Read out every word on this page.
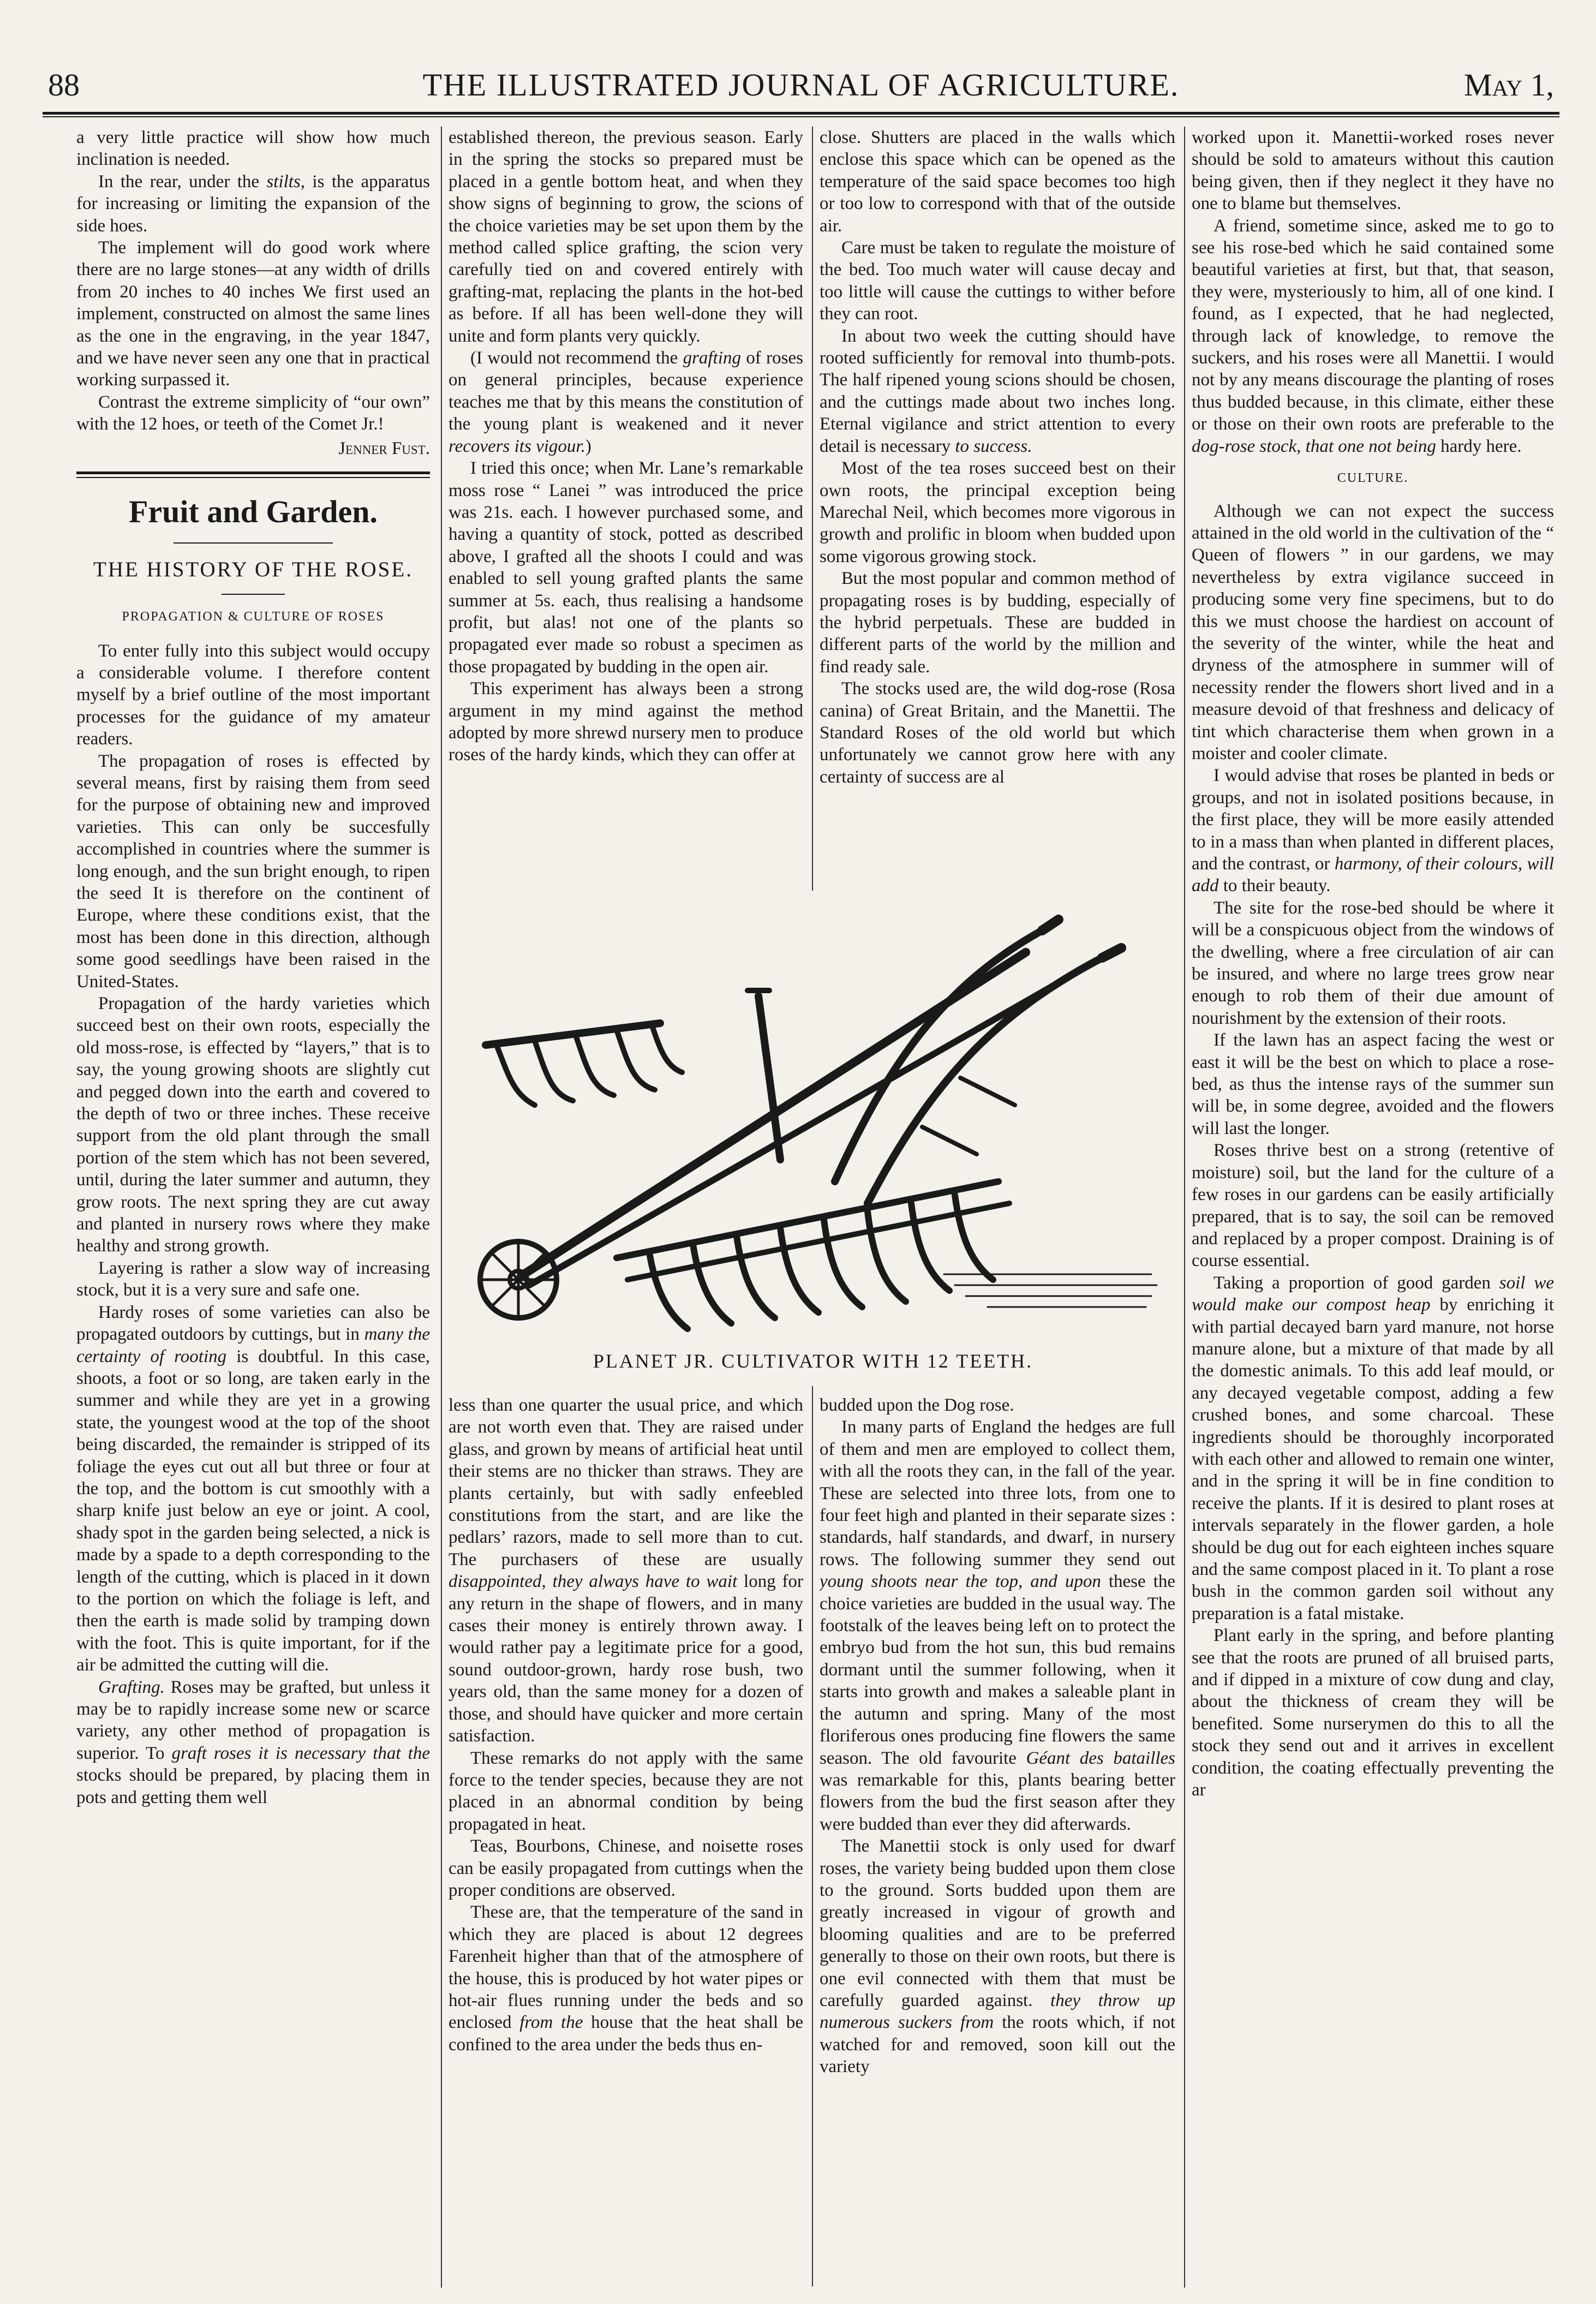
88	THE ILLUSTRATED JOURNAL OF AGRICULTURE.	May 1,

a very little practice will show how much inclination is needed.

In the rear, under the stilts, is the apparatus for increasing or limiting the expansion of the side hoes.

The implement will do good work where there are no large stones—at any width of drills from 20 inches to 40 inches We first used an implement, constructed on almost the same lines as the one in the engraving, in the year 1847, and we have never seen any one that in practical working surpassed it.

Contrast the extreme simplicity of “our own” with the 12 hoes, or teeth of the Comet Jr.!

Jenner Fust.

Fruit and Garden.
THE HISTORY OF THE ROSE.
PROPAGATION & CULTURE OF ROSES

To enter fully into this subject would occupy a considerable volume. I therefore content myself by a brief outline of the most important processes for the guidance of my amateur readers.

The propagation of roses is effected by several means, first by raising them from seed for the purpose of obtaining new and improved varieties. This can only be succesfully accomplished in countries where the summer is long enough, and the sun bright enough, to ripen the seed It is therefore on the continent of Europe, where these conditions exist, that the most has been done in this direction, although some good seedlings have been raised in the United-States.

Propagation of the hardy varieties which succeed best on their own roots, especially the old moss-rose, is effected by “layers,” that is to say, the young growing shoots are slightly cut and pegged down into the earth and covered to the depth of two or three inches. These receive support from the old plant through the small portion of the stem which has not been severed, until, during the later summer and autumn, they grow roots. The next spring they are cut away and planted in nursery rows where they make healthy and strong growth.

Layering is rather a slow way of increasing stock, but it is a very sure and safe one.

Hardy roses of some varieties can also be propagated outdoors by cuttings, but in many the certainty of rooting is doubtful. In this case, shoots, a foot or so long, are taken early in the summer and while they are yet in a growing state, the youngest wood at the top of the shoot being discarded, the remainder is stripped of its foliage the eyes cut out all but three or four at the top, and the bottom is cut smoothly with a sharp knife just below an eye or joint. A cool, shady spot in the garden being selected, a nick is made by a spade to a depth corresponding to the length of the cutting, which is placed in it down to the portion on which the foliage is left, and then the earth is made solid by tramping down with the foot. This is quite important, for if the air be admitted the cutting will die.

Grafting. Roses may be grafted, but unless it may be to rapidly increase some new or scarce variety, any other method of propagation is superior. To graft roses it is necessary that the stocks should be prepared, by placing them in pots and getting them well

established thereon, the previous season. Early in the spring the stocks so prepared must be placed in a gentle bottom heat, and when they show signs of beginning to grow, the scions of the choice varieties may be set upon them by the method called splice grafting, the scion very carefully tied on and covered entirely with grafting-mat, replacing the plants in the hot-bed as before. If all has been well-done they will unite and form plants very quickly.

(I would not recommend the grafting of roses on general principles, because experience teaches me that by this means the constitution of the young plant is weakened and it never recovers its vigour.)

I tried this once; when Mr. Lane’s remarkable moss rose “ Lanei ” was introduced the price was 21s. each. I however purchased some, and having a quantity of stock, potted as described above, I grafted all the shoots I could and was enabled to sell young grafted plants the same summer at 5s. each, thus realising a handsome profit, but alas! not one of the plants so propagated ever made so robust a specimen as those propagated by budding in the open air.

This experiment has always been a strong argument in my mind against the method adopted by more shrewd nursery men to produce roses of the hardy kinds, which they can offer at

close. Shutters are placed in the walls which enclose this space which can be opened as the temperature of the said space becomes too high or too low to correspond with that of the outside air.

Care must be taken to regulate the moisture of the bed. Too much water will cause decay and too little will cause the cuttings to wither before they can root.

In about two week the cutting should have rooted sufficiently for removal into thumb-pots. The half ripened young scions should be chosen, and the cuttings made about two inches long. Eternal vigilance and strict attention to every detail is necessary to success.

Most of the tea roses succeed best on their own roots, the principal exception being Marechal Neil, which becomes more vigorous in growth and prolific in bloom when budded upon some vigorous growing stock.

But the most popular and common method of propagating roses is by budding, especially of the hybrid perpetuals. These are budded in different parts of the world by the million and find ready sale.

The stocks used are, the wild dog-rose (Rosa canina) of Great Britain, and the Manettii. The Standard Roses of the old world but which unfortunately we cannot grow here with any certainty of success are al

PLANET JR. CULTIVATOR WITH 12 TEETH.

less than one quarter the usual price, and which are not worth even that. They are raised under glass, and grown by means of artificial heat until their stems are no thicker than straws. They are plants certainly, but with sadly enfeebled constitutions from the start, and are like the pedlars’ razors, made to sell more than to cut. The purchasers of these are usually disappointed, they always have to wait long for any return in the shape of flowers, and in many cases their money is entirely thrown away. I would rather pay a legitimate price for a good, sound outdoor-grown, hardy rose bush, two years old, than the same money for a dozen of those, and should have quicker and more certain satisfaction.

These remarks do not apply with the same force to the tender species, because they are not placed in an abnormal condition by being propagated in heat.

Teas, Bourbons, Chinese, and noisette roses can be easily propagated from cuttings when the proper conditions are observed.

These are, that the temperature of the sand in which they are placed is about 12 degrees Farenheit higher than that of the atmosphere of the house, this is produced by hot water pipes or hot-air flues running under the beds and so enclosed from the house that the heat shall be confined to the area under the beds thus en-

budded upon the Dog rose.

In many parts of England the hedges are full of them and men are employed to collect them, with all the roots they can, in the fall of the year. These are selected into three lots, from one to four feet high and planted in their separate sizes : standards, half standards, and dwarf, in nursery rows. The following summer they send out young shoots near the top, and upon these the choice varieties are budded in the usual way. The footstalk of the leaves being left on to protect the embryo bud from the hot sun, this bud remains dormant until the summer following, when it starts into growth and makes a saleable plant in the autumn and spring. Many of the most floriferous ones producing fine flowers the same season. The old favourite Géant des batailles was remarkable for this, plants bearing better flowers from the bud the first season after they were budded than ever they did afterwards.

The Manettii stock is only used for dwarf roses, the variety being budded upon them close to the ground. Sorts budded upon them are greatly increased in vigour of growth and blooming qualities and are to be preferred generally to those on their own roots, but there is one evil connected with them that must be carefully guarded against. they throw up numerous suckers from the roots which, if not watched for and removed, soon kill out the variety

worked upon it. Manettii-worked roses never should be sold to amateurs without this caution being given, then if they neglect it they have no one to blame but themselves.

A friend, sometime since, asked me to go to see his rose-bed which he said contained some beautiful varieties at first, but that, that season, they were, mysteriously to him, all of one kind. I found, as I expected, that he had neglected, through lack of knowledge, to remove the suckers, and his roses were all Manettii. I would not by any means discourage the planting of roses thus budded because, in this climate, either these or those on their own roots are preferable to the dog-rose stock, that one not being hardy here.

CULTURE.

Although we can not expect the success attained in the old world in the cultivation of the “ Queen of flowers ” in our gardens, we may nevertheless by extra vigilance succeed in producing some very fine specimens, but to do this we must choose the hardiest on account of the severity of the winter, while the heat and dryness of the atmosphere in summer will of necessity render the flowers short lived and in a measure devoid of that freshness and delicacy of tint which characterise them when grown in a moister and cooler climate.

I would advise that roses be planted in beds or groups, and not in isolated positions because, in the first place, they will be more easily attended to in a mass than when planted in different places, and the contrast, or harmony, of their colours, will add to their beauty.

The site for the rose-bed should be where it will be a conspicuous object from the windows of the dwelling, where a free circulation of air can be insured, and where no large trees grow near enough to rob them of their due amount of nourishment by the extension of their roots.

If the lawn has an aspect facing the west or east it will be the best on which to place a rose-bed, as thus the intense rays of the summer sun will be, in some degree, avoided and the flowers will last the longer.

Roses thrive best on a strong (retentive of moisture) soil, but the land for the culture of a few roses in our gardens can be easily artificially prepared, that is to say, the soil can be removed and replaced by a proper compost. Draining is of course essential.

Taking a proportion of good garden soil we would make our compost heap by enriching it with partial decayed barn yard manure, not horse manure alone, but a mixture of that made by all the domestic animals. To this add leaf mould, or any decayed vegetable compost, adding a few crushed bones, and some charcoal. These ingredients should be thoroughly incorporated with each other and allowed to remain one winter, and in the spring it will be in fine condition to receive the plants. If it is desired to plant roses at intervals separately in the flower garden, a hole should be dug out for each eighteen inches square and the same compost placed in it. To plant a rose bush in the common garden soil without any preparation is a fatal mistake.

Plant early in the spring, and before planting see that the roots are pruned of all bruised parts, and if dipped in a mixture of cow dung and clay, about the thickness of cream they will be benefited. Some nurserymen do this to all the stock they send out and it arrives in excellent condition, the coating effectually preventing the ar
